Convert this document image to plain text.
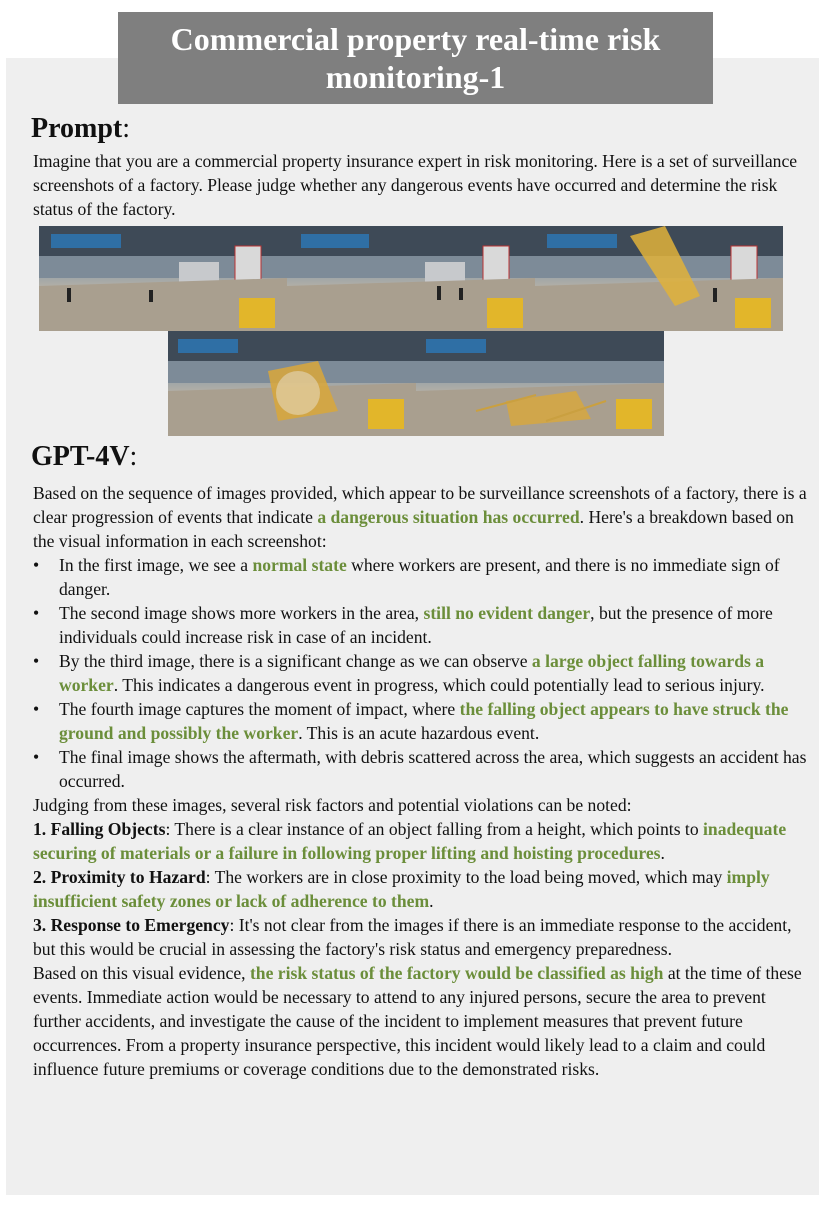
Commercial property real-time risk monitoring-1
Prompt:
Imagine that you are a commercial property insurance expert in risk monitoring. Here is a set of surveillance screenshots of a factory. Please judge whether any dangerous events have occurred and determine the risk status of the factory.
GPT-4V:
Based on the sequence of images provided, which appear to be surveillance screenshots of a factory, there is a clear progression of events that indicate a dangerous situation has occurred. Here's a breakdown based on the visual information in each screenshot:
• In the first image, we see a normal state where workers are present, and there is no immediate sign of danger.
• The second image shows more workers in the area, still no evident danger, but the presence of more individuals could increase risk in case of an incident.
• By the third image, there is a significant change as we can observe a large object falling towards a worker. This indicates a dangerous event in progress, which could potentially lead to serious injury.
• The fourth image captures the moment of impact, where the falling object appears to have struck the ground and possibly the worker. This is an acute hazardous event.
• The final image shows the aftermath, with debris scattered across the area, which suggests an accident has occurred.
Judging from these images, several risk factors and potential violations can be noted:
1. Falling Objects: There is a clear instance of an object falling from a height, which points to inadequate securing of materials or a failure in following proper lifting and hoisting procedures.
2. Proximity to Hazard: The workers are in close proximity to the load being moved, which may imply insufficient safety zones or lack of adherence to them.
3. Response to Emergency: It's not clear from the images if there is an immediate response to the accident, but this would be crucial in assessing the factory's risk status and emergency preparedness.
Based on this visual evidence, the risk status of the factory would be classified as high at the time of these events. Immediate action would be necessary to attend to any injured persons, secure the area to prevent further accidents, and investigate the cause of the incident to implement measures that prevent future occurrences. From a property insurance perspective, this incident would likely lead to a claim and could influence future premiums or coverage conditions due to the demonstrated risks.
